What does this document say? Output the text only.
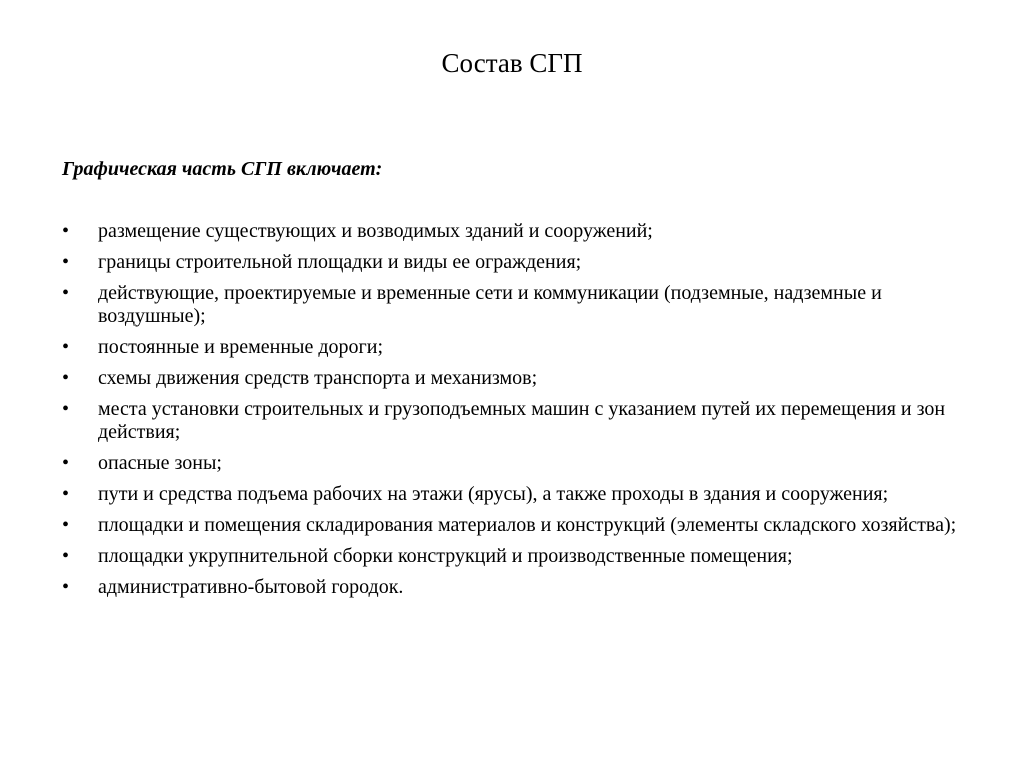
Состав СГП
Графическая часть СГП включает:
• размещение существующих и возводимых зданий и сооружений;
• границы строительной площадки и виды ее ограждения;
• действующие, проектируемые и временные сети и коммуникации (подземные, надземные и воздушные);
• постоянные и временные дороги;
• схемы движения средств транспорта и механизмов;
• места установки строительных и грузоподъемных машин с указанием путей их перемещения и зон действия;
• опасные зоны;
• пути и средства подъема рабочих на этажи (ярусы), а также проходы в здания и сооружения;
• площадки и помещения складирования материалов и конструкций (элементы складского хозяйства);
• площадки укрупнительной сборки конструкций и производственные помещения;
• административно-бытовой городок.
